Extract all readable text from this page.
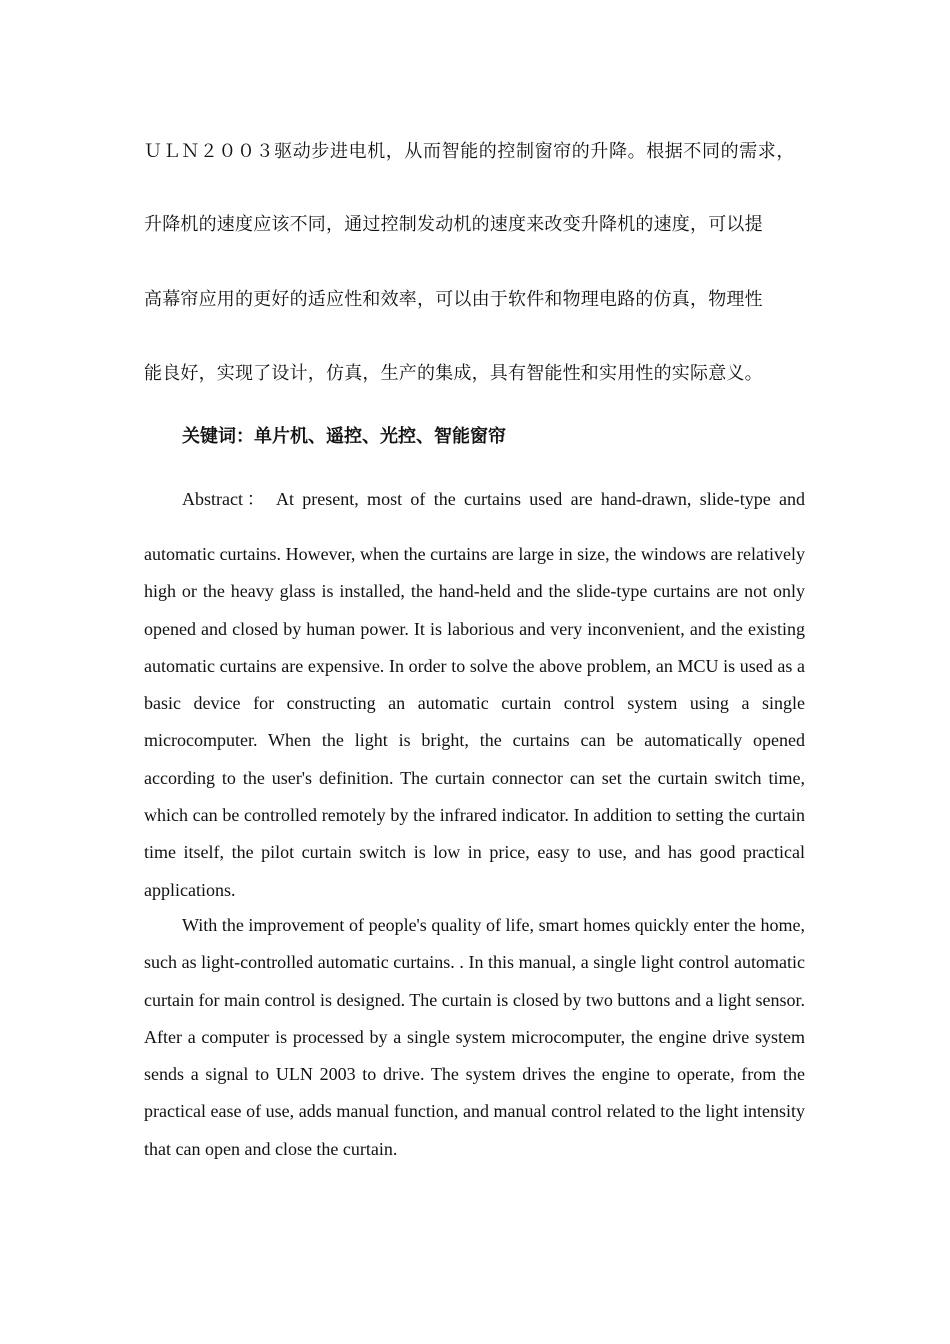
ＵＬＮ２００３驱动步进电机，从而智能的控制窗帘的升降。根据不同的需求，
升降机的速度应该不同，通过控制发动机的速度来改变升降机的速度，可以提
高幕帘应用的更好的适应性和效率，可以由于软件和物理电路的仿真，物理性
能良好，实现了设计，仿真，生产的集成，具有智能性和实用性的实际意义。
关键词：单片机、遥控、光控、智能窗帘

Abstract： At present, most of the curtains used are hand-drawn, slide-type and

automatic curtains. However, when the curtains are large in size, the windows are relatively high or the heavy glass is installed, the hand-held and the slide-type curtains are not only opened and closed by human power. It is laborious and very inconvenient, and the existing automatic curtains are expensive. In order to solve the above problem, an MCU is used as a basic device for constructing an automatic curtain control system using a single microcomputer. When the light is bright, the curtains can be automatically opened according to the user's definition. The curtain connector can set the curtain switch time, which can be controlled remotely by the infrared indicator. In addition to setting the curtain time itself, the pilot curtain switch is low in price, easy to use, and has good practical applications.

With the improvement of people's quality of life, smart homes quickly enter the home, such as light-controlled automatic curtains. . In this manual, a single light control automatic curtain for main control is designed. The curtain is closed by two buttons and a light sensor. After a computer is processed by a single system microcomputer, the engine drive system sends a signal to ULN 2003 to drive. The system drives the engine to operate, from the practical ease of use, adds manual function, and manual control related to the light intensity that can open and close the curtain.
